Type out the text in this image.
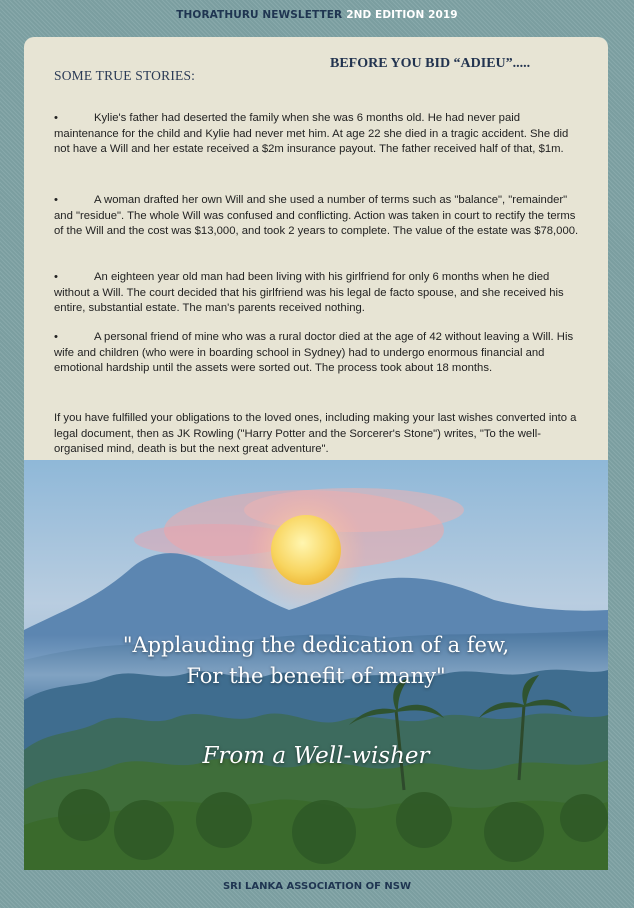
THORATHURU NEWSLETTER 2ND EDITION 2019
BEFORE YOU BID “ADIEU”.....
SOME TRUE STORIES:

•	Kylie's father had deserted the family when she was 6 months old. He had never paid maintenance for the child and Kylie had never met him. At age 22 she died in a tragic accident. She did not have a Will and her estate received a $2m insurance payout. The father received half of that, $1m.

•	A woman drafted her own Will and she used a number of terms such as "balance", "remainder" and "residue". The whole Will was confused and conflicting. Action was taken in court to rectify the terms of the Will and the cost was $13,000, and took 2 years to complete. The value of the estate was $78,000.

•	An eighteen year old man had been living with his girlfriend for only 6 months when he died without a Will. The court decided that his girlfriend was his legal de facto spouse, and she received his entire, substantial estate. The man's parents received nothing.

•	A personal friend of mine who was a rural doctor died at the age of 42 without leaving a Will. His wife and children (who were in boarding school in Sydney) had to undergo enormous financial and emotional hardship until the assets were sorted out. The process took about 18 months.

If you have fulfilled your obligations to the loved ones, including making your last wishes converted into a legal document, then as JK Rowling ("Harry Potter and the Sorcerer's Stone") writes, "To the well-organised mind, death is but the next great adventure".

"Applauding the dedication of a few,
For the benefit of many"
From a Well-wisher
SRI LANKA ASSOCIATION OF NSW
